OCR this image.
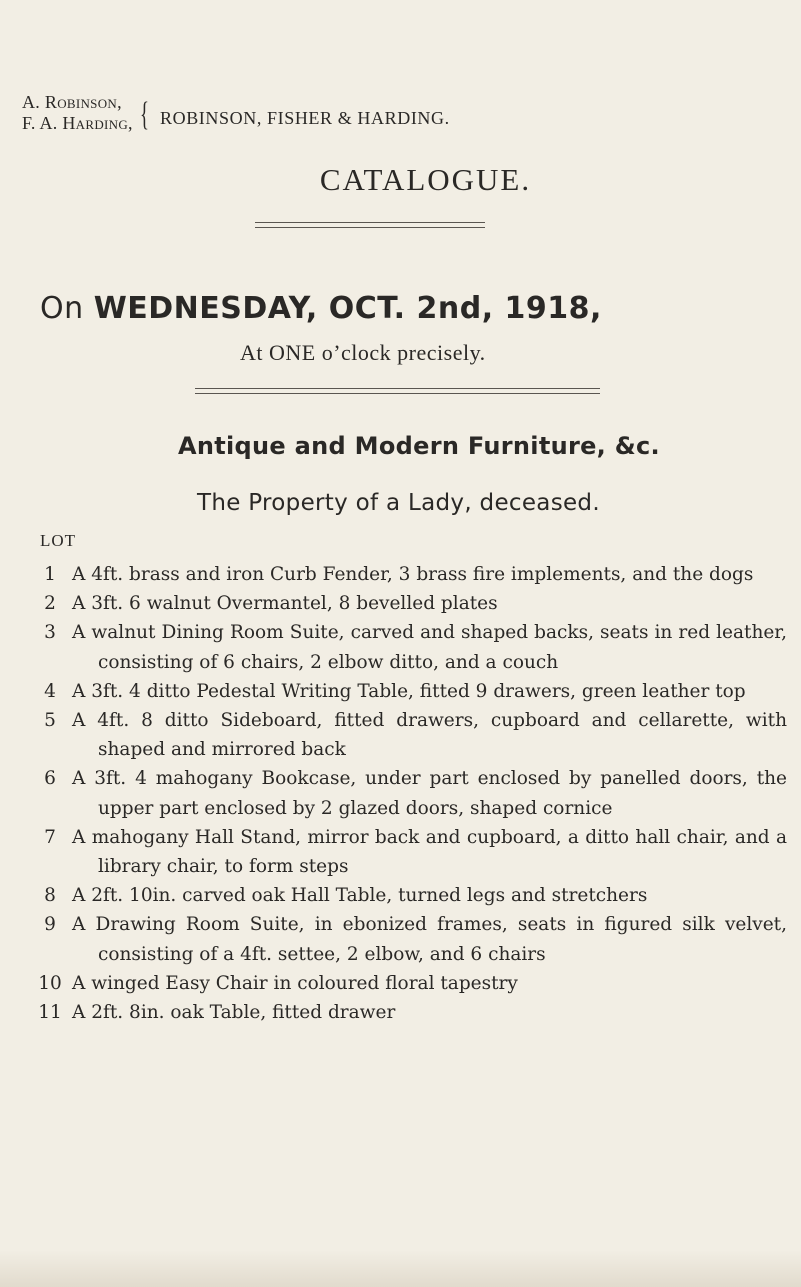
A. Robinson,
F. A. Harding, { ROBINSON, FISHER & HARDING.
CATALOGUE.
On WEDNESDAY, OCT. 2nd, 1918,
At ONE o’clock precisely.
Antique and Modern Furniture, &c.
The Property of a Lady, deceased.
LOT
1 A 4ft. brass and iron Curb Fender, 3 brass fire implements, and the dogs
2 A 3ft. 6 walnut Overmantel, 8 bevelled plates
3 A walnut Dining Room Suite, carved and shaped backs, seats in red leather, consisting of 6 chairs, 2 elbow ditto, and a couch
4 A 3ft. 4 ditto Pedestal Writing Table, fitted 9 drawers, green leather top
5 A 4ft. 8 ditto Sideboard, fitted drawers, cupboard and cellarette, with shaped and mirrored back
6 A 3ft. 4 mahogany Bookcase, under part enclosed by panelled doors, the upper part enclosed by 2 glazed doors, shaped cornice
7 A mahogany Hall Stand, mirror back and cupboard, a ditto hall chair, and a library chair, to form steps
8 A 2ft. 10in. carved oak Hall Table, turned legs and stretchers
9 A Drawing Room Suite, in ebonized frames, seats in figured silk velvet, consisting of a 4ft. settee, 2 elbow, and 6 chairs
10 A winged Easy Chair in coloured floral tapestry
11 A 2ft. 8in. oak Table, fitted drawer
